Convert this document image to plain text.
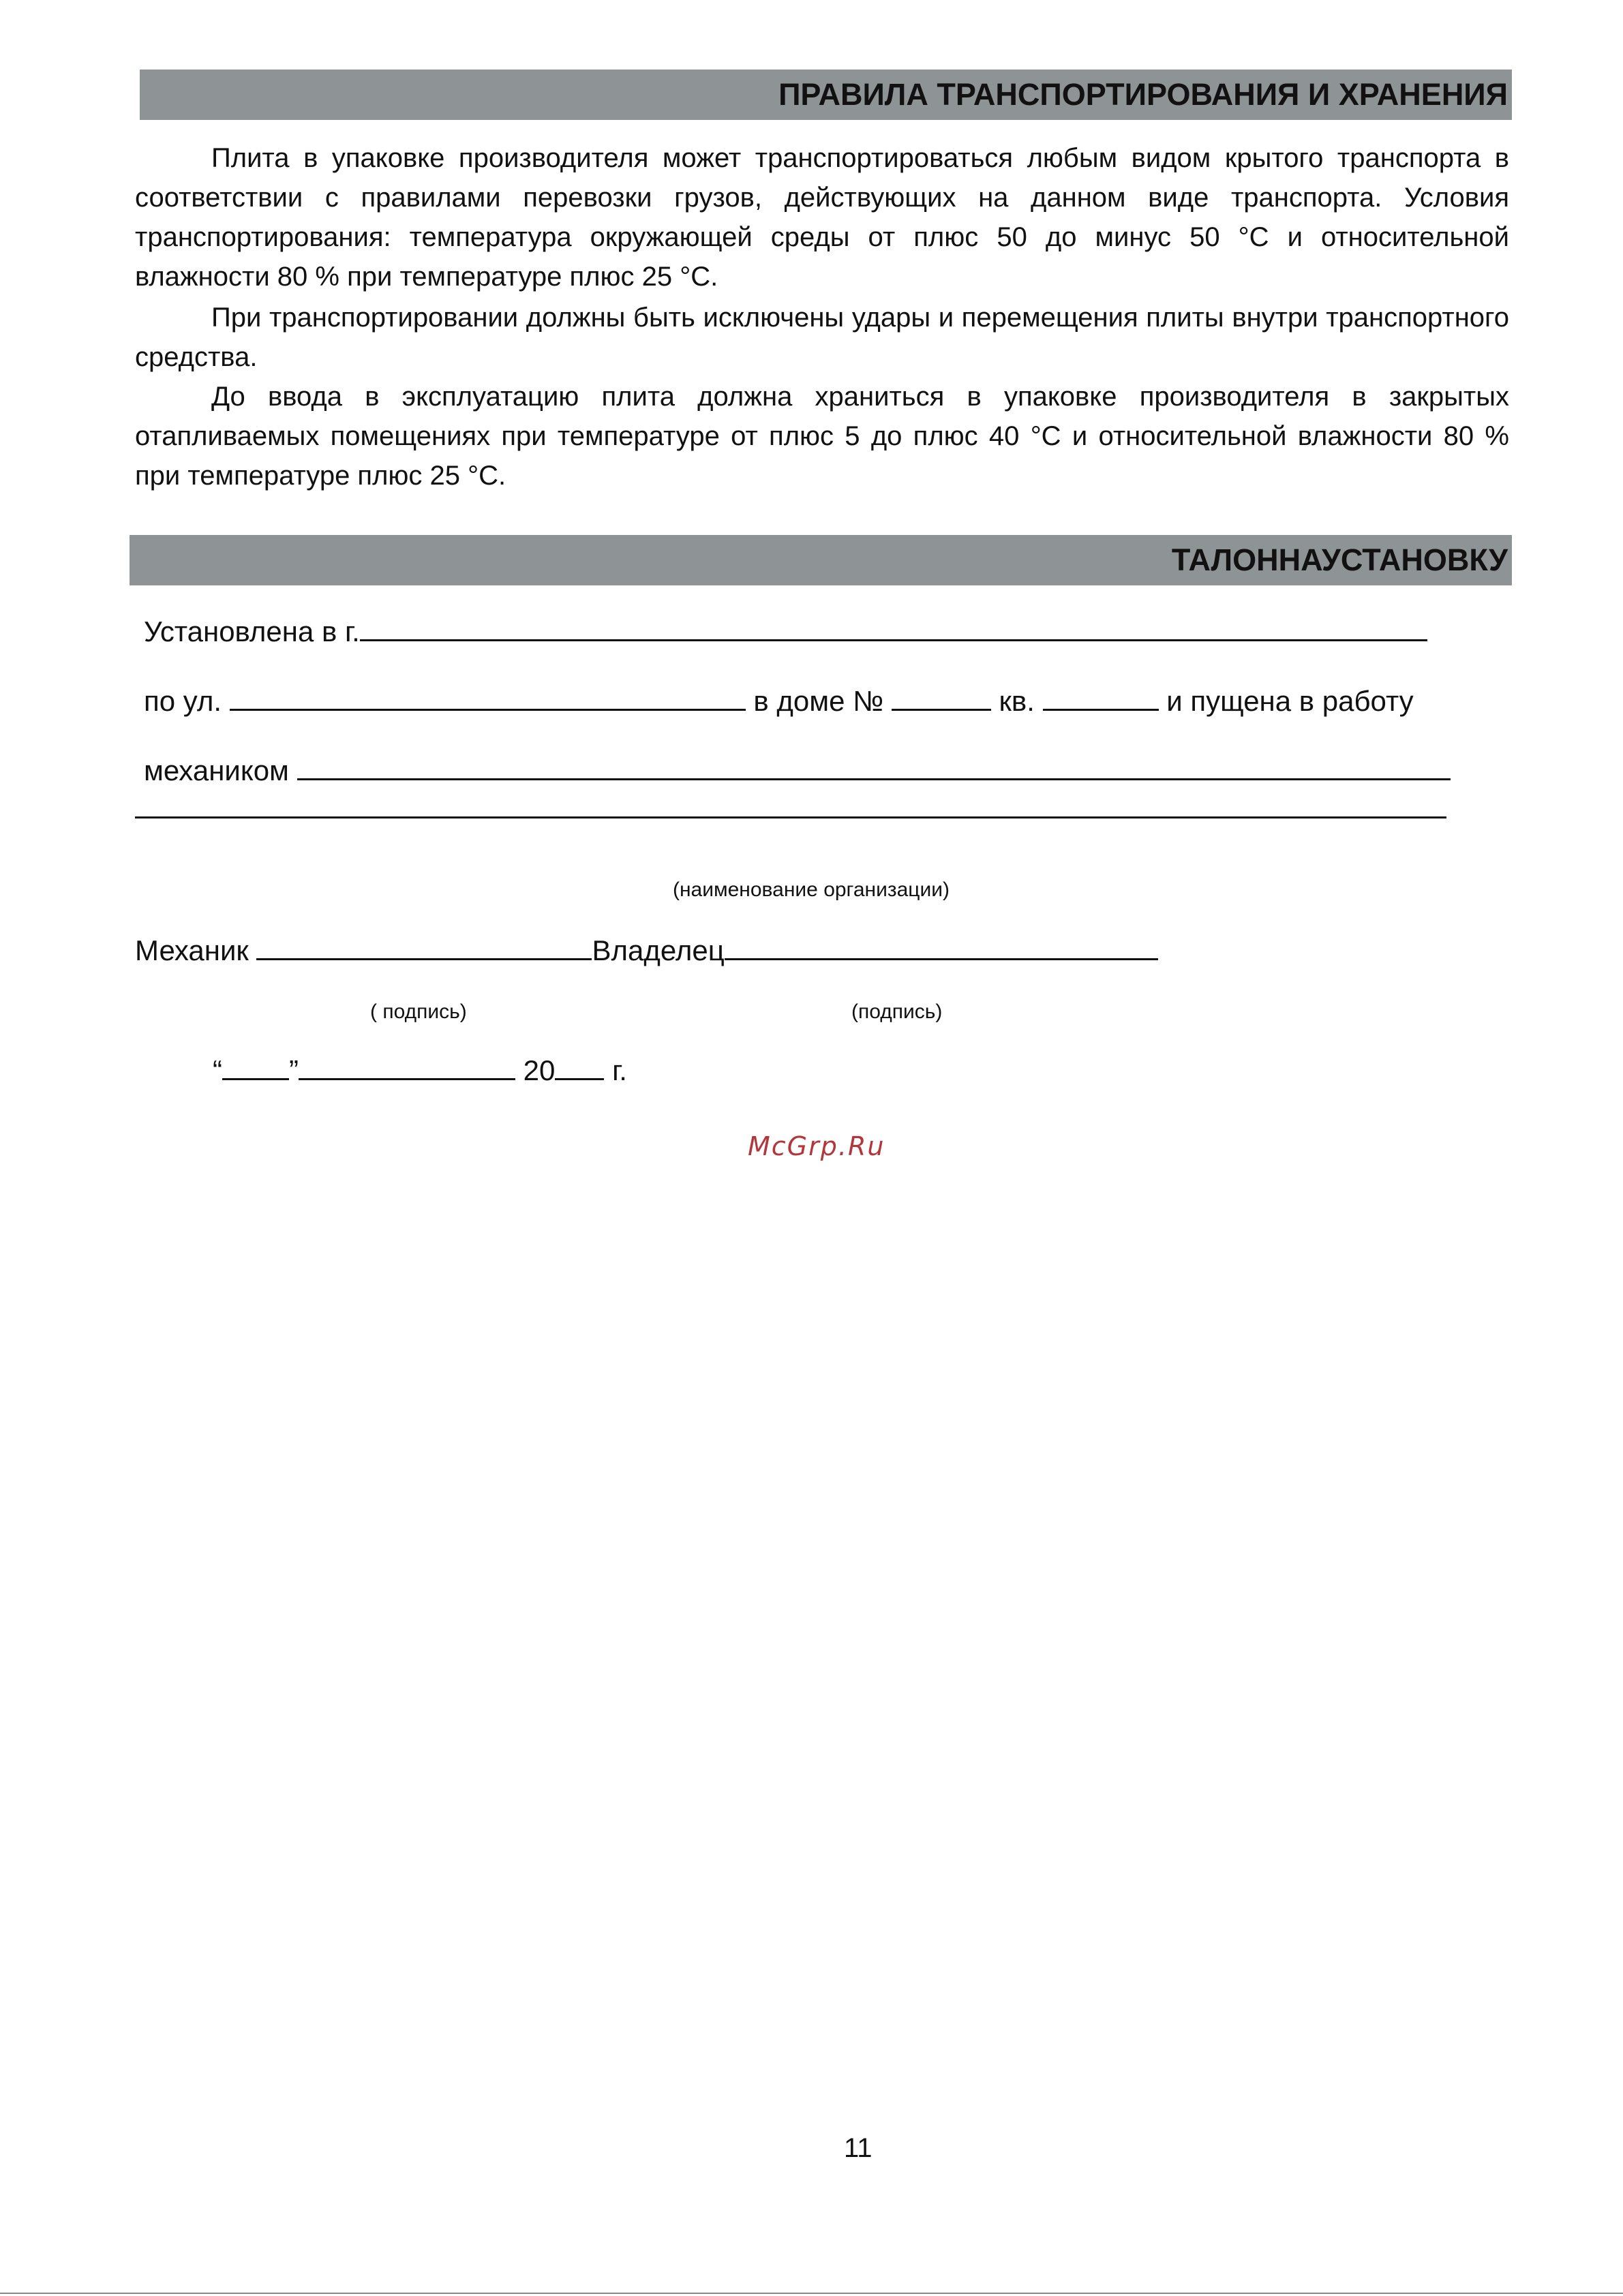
ПРАВИЛА ТРАНСПОРТИРОВАНИЯ И ХРАНЕНИЯ

Плита в упаковке производителя может транспортироваться любым видом крытого транспорта в соответствии с правилами перевозки грузов, действующих на данном виде транспорта. Условия транспортирования: температура окружающей среды от плюс 50 до минус 50 °С и относительной влажности 80 % при температуре плюс 25 °С.

При транспортировании должны быть исключены удары и перемещения плиты внутри транспортного средства.

До ввода в эксплуатацию плита должна храниться в упаковке производителя в закрытых отапливаемых помещениях при температуре от плюс 5 до плюс 40 °С и относительной влажности 80 % при температуре плюс 25 °С.

ТАЛОННАУСТАНОВКУ
Установлена в г.
по ул.	в доме №	кв.	и пущена в работу
механиком
(наименование организации)
Механик	Владелец
( подпись)	(подпись)
“ ”	20 г.
McGrp.Ru
11
